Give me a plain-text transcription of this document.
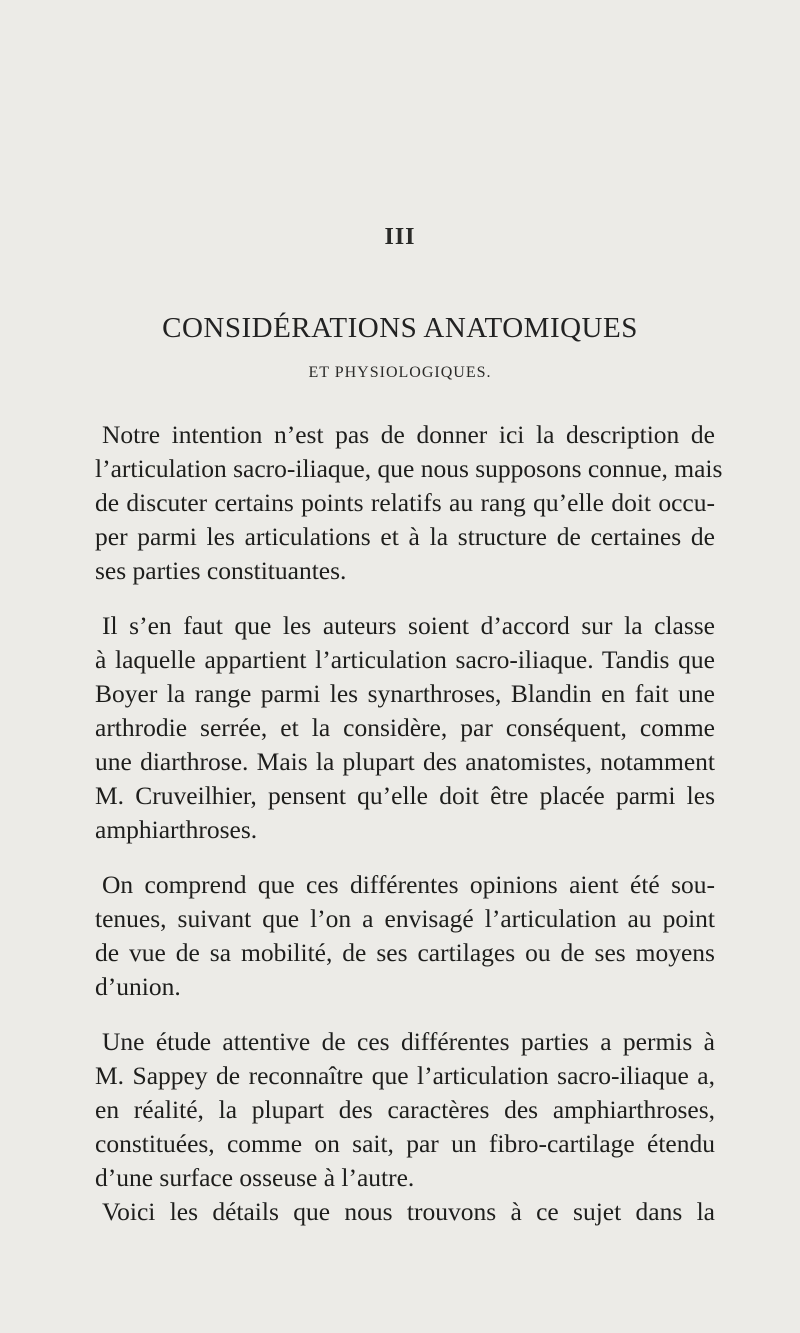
III
CONSIDÉRATIONS ANATOMIQUES
ET PHYSIOLOGIQUES.

Notre intention n’est pas de donner ici la description de
l’articulation sacro-iliaque, que nous supposons connue, mais
de discuter certains points relatifs au rang qu’elle doit occu-
per parmi les articulations et à la structure de certaines de
ses parties constituantes.

Il s’en faut que les auteurs soient d’accord sur la classe
à laquelle appartient l’articulation sacro-iliaque. Tandis que
Boyer la range parmi les synarthroses, Blandin en fait une
arthrodie serrée, et la considère, par conséquent, comme
une diarthrose. Mais la plupart des anatomistes, notamment
M. Cruveilhier, pensent qu’elle doit être placée parmi les
amphiarthroses.

On comprend que ces différentes opinions aient été sou-
tenues, suivant que l’on a envisagé l’articulation au point
de vue de sa mobilité, de ses cartilages ou de ses moyens
d’union.

Une étude attentive de ces différentes parties a permis à
M. Sappey de reconnaître que l’articulation sacro-iliaque a,
en réalité, la plupart des caractères des amphiarthroses,
constituées, comme on sait, par un fibro-cartilage étendu
d’une surface osseuse à l’autre.

Voici les détails que nous trouvons à ce sujet dans la
